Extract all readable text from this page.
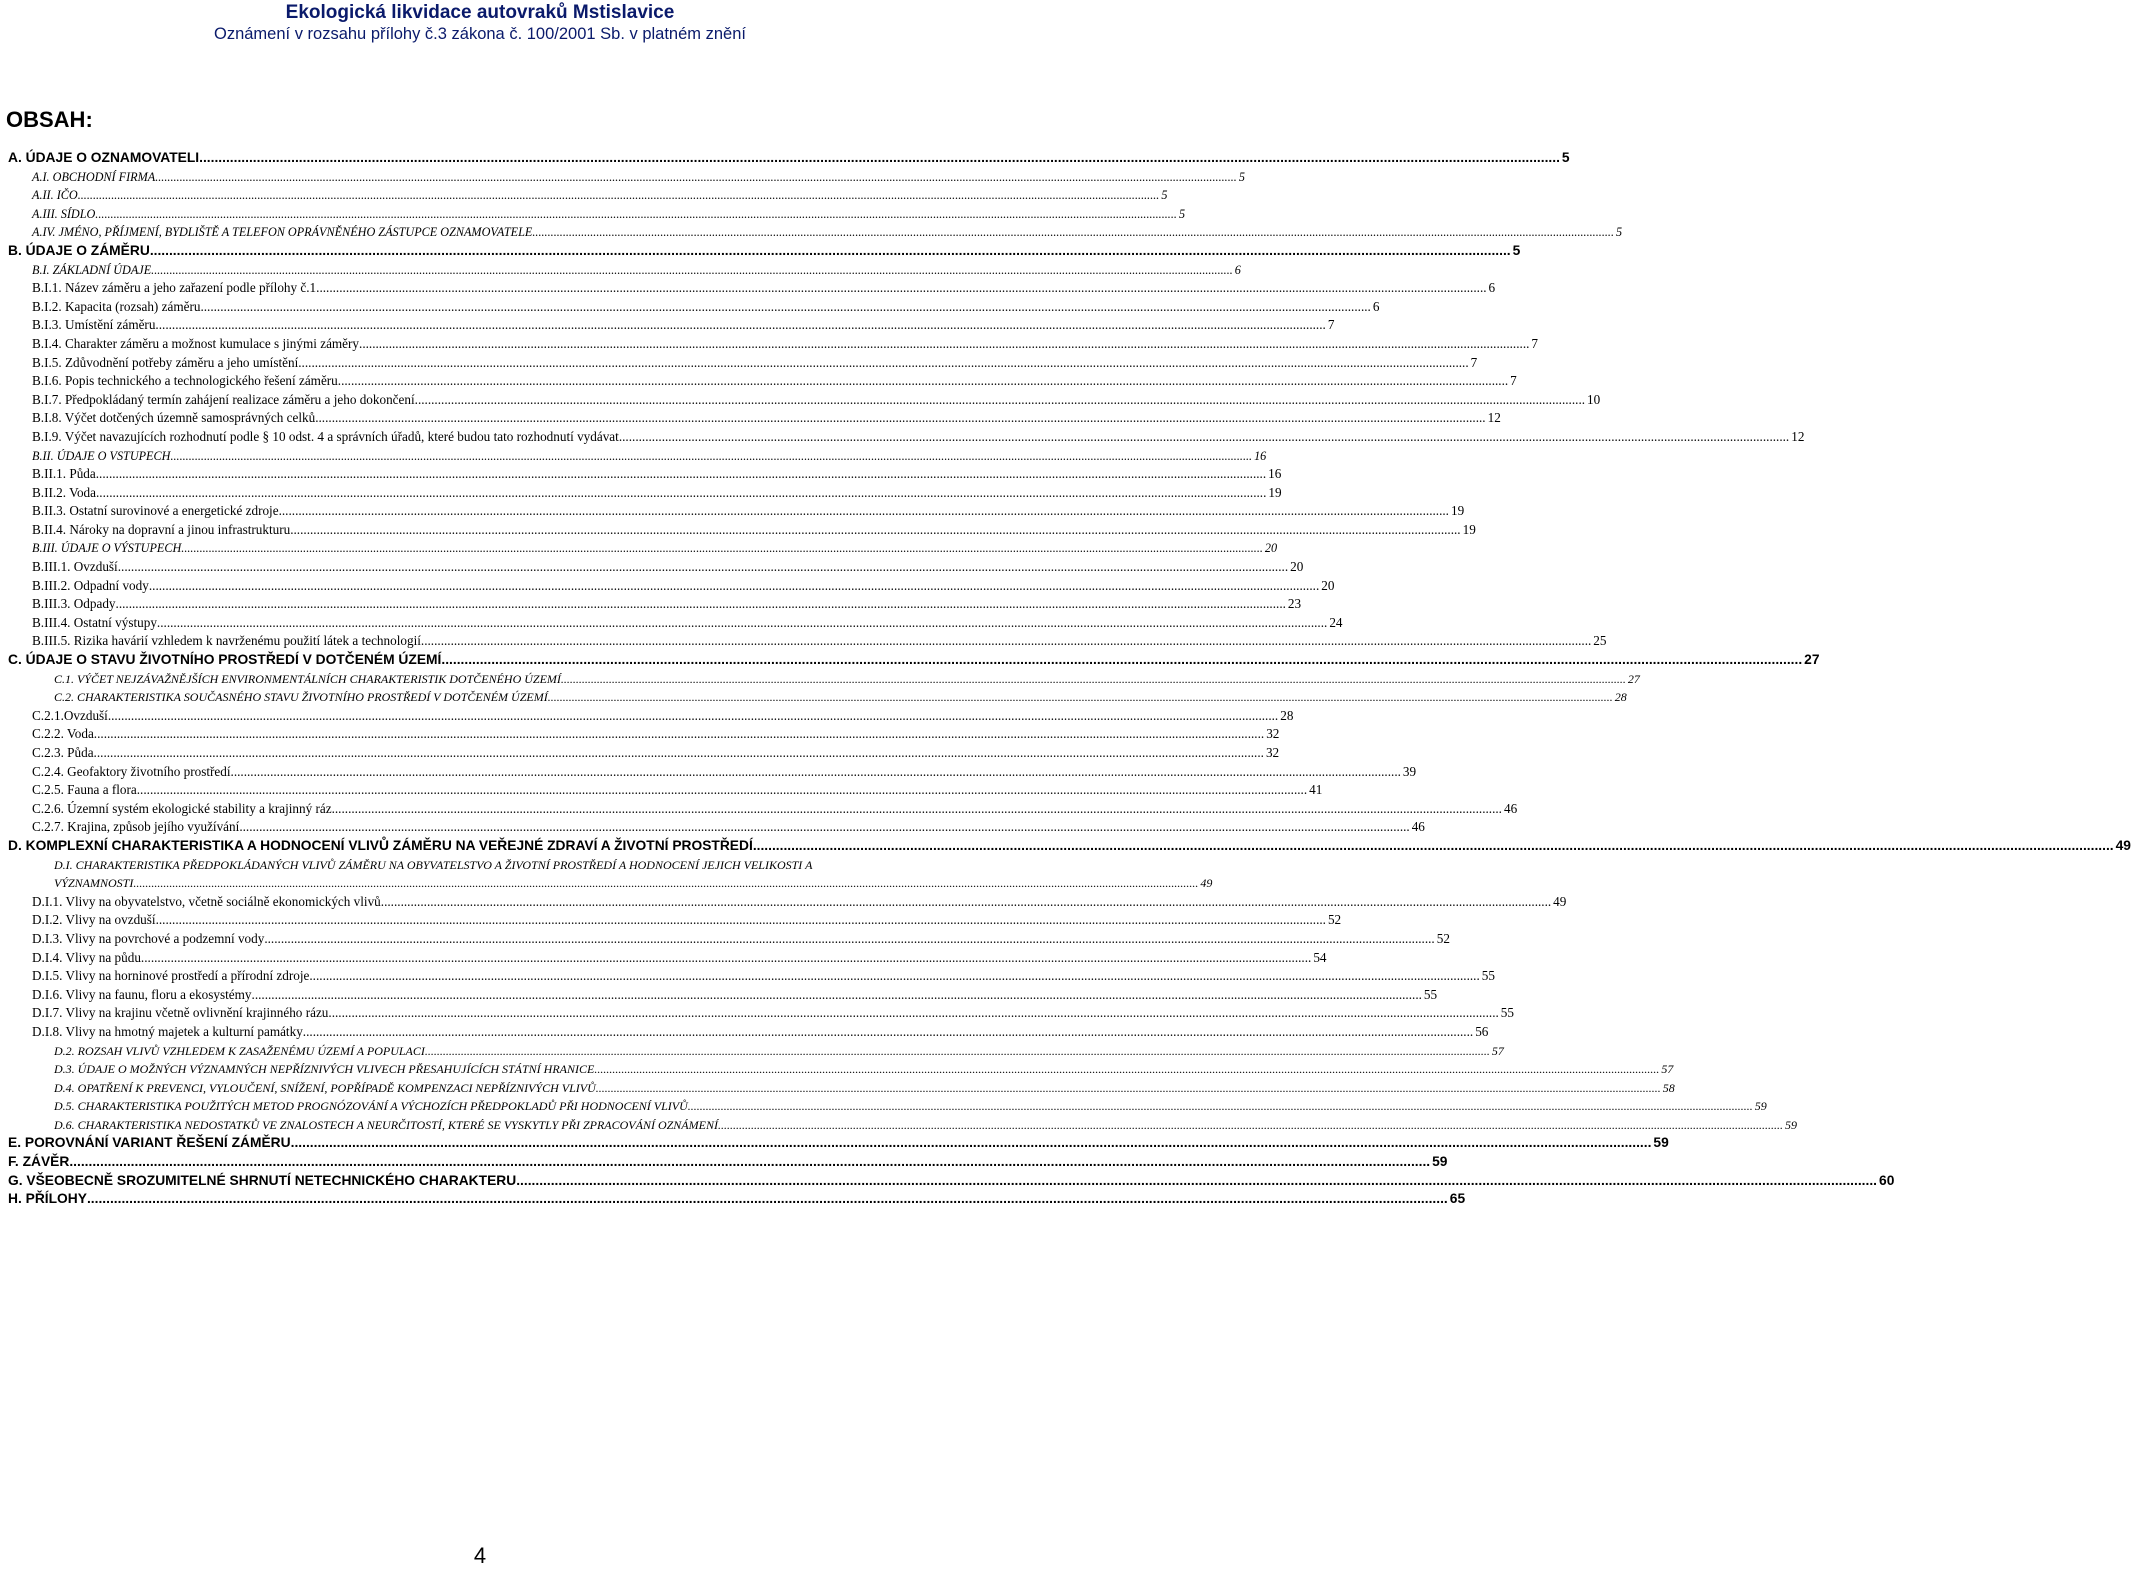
Ekologická likvidace autovraků Mstislavice
Oznámení v rozsahu přílohy č.3 zákona č. 100/2001 Sb. v platném znění
OBSAH:
A. ÚDAJE O OZNAMOVATELI .....	5
A.I. OBCHODNÍ FIRMA .....	5
A.II. IČO .....	5
A.III. SÍDLO .....	5
A.IV. JMÉNO, PŘÍJMENÍ, BYDLIŠTĚ A TELEFON OPRÁVNĚNÉHO ZÁSTUPCE OZNAMOVATELE .....	5
B. ÚDAJE O ZÁMĚRU .....	5
B.I. ZÁKLADNÍ ÚDAJE .....	6
B.I.1. Název záměru a jeho zařazení podle přílohy č.1 .....	6
B.I.2. Kapacita (rozsah) záměru .....	6
B.I.3. Umístění záměru .....	7
B.I.4. Charakter záměru a možnost kumulace s jinými záměry .....	7
B.I.5. Zdůvodnění potřeby záměru a jeho umístění .....	7
B.I.6. Popis technického a technologického řešení záměru .....	7
B.I.7. Předpokládaný termín zahájení realizace záměru a jeho dokončení .....	10
B.I.8. Výčet dotčených územně samosprávných celků .....	12
B.I.9. Výčet navazujících rozhodnutí podle § 10 odst. 4 a správních úřadů, které budou tato rozhodnutí vydávat .....	12
B.II. ÚDAJE O VSTUPECH .....	16
B.II.1. Půda .....	16
B.II.2. Voda .....	19
B.II.3. Ostatní surovinové a energetické zdroje .....	19
B.II.4. Nároky na dopravní a jinou infrastrukturu .....	19
B.III. ÚDAJE O VÝSTUPECH .....	20
B.III.1. Ovzduší .....	20
B.III.2. Odpadní vody .....	20
B.III.3. Odpady .....	23
B.III.4. Ostatní výstupy .....	24
B.III.5. Rizika havárií vzhledem k navrženému použití látek a technologií .....	25
C. ÚDAJE O STAVU ŽIVOTNÍHO PROSTŘEDÍ V DOTČENÉM ÚZEMÍ .....	27
C.1. VÝČET NEJZÁVAŽNĚJŠÍCH ENVIRONMENTÁLNÍCH CHARAKTERISTIK DOTČENÉHO ÚZEMÍ .....	27
C.2. CHARAKTERISTIKA SOUČASNÉHO STAVU ŽIVOTNÍHO PROSTŘEDÍ V DOTČENÉM ÚZEMÍ .....	28
C.2.1.Ovzduší .....	28
C.2.2. Voda .....	32
C.2.3. Půda .....	32
C.2.4. Geofaktory životního prostředí .....	39
C.2.5. Fauna a flora .....	41
C.2.6. Územní systém ekologické stability a krajinný ráz .....	46
C.2.7. Krajina, způsob jejího využívání .....	46
D. KOMPLEXNÍ CHARAKTERISTIKA A HODNOCENÍ VLIVŮ ZÁMĚRU NA VEŘEJNÉ ZDRAVÍ A ŽIVOTNÍ PROSTŘEDÍ .....	49
D.I. CHARAKTERISTIKA PŘEDPOKLÁDANÝCH VLIVŮ ZÁMĚRU NA OBYVATELSTVO A ŽIVOTNÍ PROSTŘEDÍ A HODNOCENÍ JEJICH VELIKOSTI A
VÝZNAMNOSTI .....	49
D.I.1. Vlivy na obyvatelstvo, včetně sociálně ekonomických vlivů .....	49
D.I.2. Vlivy na ovzduší .....	52
D.I.3. Vlivy na povrchové a podzemní vody .....	52
D.I.4. Vlivy na půdu .....	54
D.I.5. Vlivy na horninové prostředí a přírodní zdroje .....	55
D.I.6. Vlivy na faunu, floru a ekosystémy .....	55
D.I.7. Vlivy na krajinu včetně ovlivnění krajinného rázu .....	55
D.I.8. Vlivy na hmotný majetek a kulturní památky .....	56
D.2. ROZSAH VLIVŮ VZHLEDEM K ZASAŽENÉMU ÚZEMÍ A POPULACI .....	57
D.3. ÚDAJE O MOŽNÝCH VÝZNAMNÝCH NEPŘÍZNIVÝCH VLIVECH PŘESAHUJÍCÍCH STÁTNÍ HRANICE .....	57
D.4. OPATŘENÍ K PREVENCI, VYLOUČENÍ, SNÍŽENÍ, POPŘÍPADĚ KOMPENZACI NEPŘÍZNIVÝCH VLIVŮ .....	58
D.5. CHARAKTERISTIKA POUŽITÝCH METOD PROGNÓZOVÁNÍ A VÝCHOZÍCH PŘEDPOKLADŮ PŘI HODNOCENÍ VLIVŮ .....	59
D.6. CHARAKTERISTIKA NEDOSTATKŮ VE ZNALOSTECH A NEURČITOSTÍ, KTERÉ SE VYSKYTLY PŘI ZPRACOVÁNÍ OZNÁMENÍ .....	59
E. POROVNÁNÍ VARIANT ŘEŠENÍ ZÁMĚRU .....	59
F. ZÁVĚR .....	59
G. VŠEOBECNĚ SROZUMITELNÉ SHRNUTÍ NETECHNICKÉHO CHARAKTERU .....	60
H. PŘÍLOHY .....	65
4
